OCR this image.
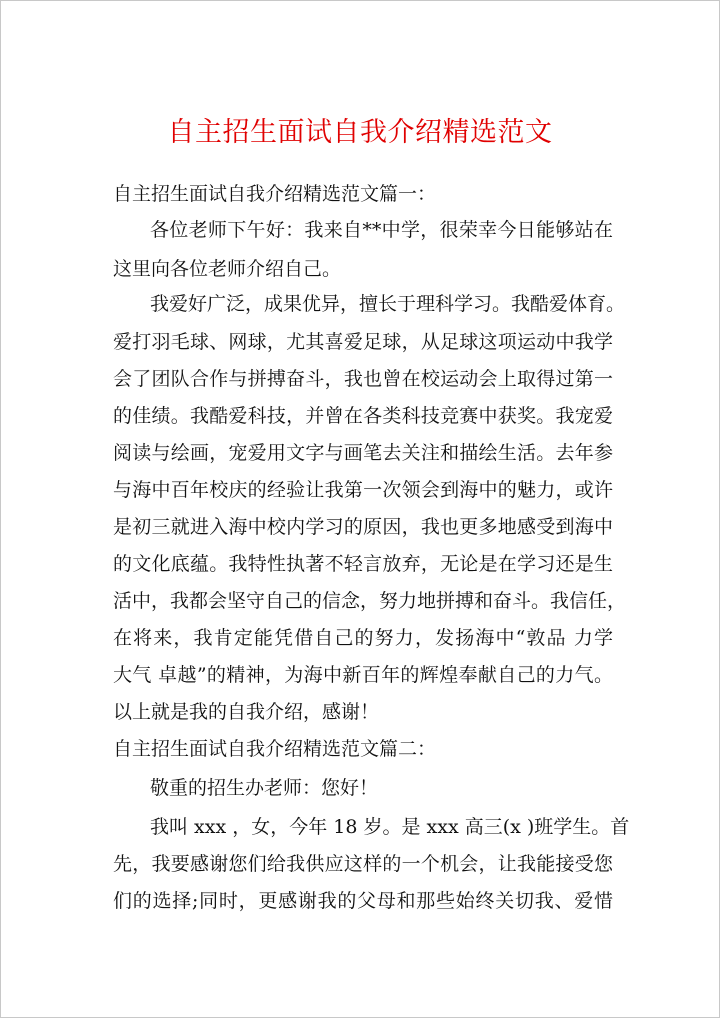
自主招生面试自我介绍精选范文

自主招生面试自我介绍精选范文篇一：

各位老师下午好：我来自**中学，很荣幸今日能够站在

这里向各位老师介绍自己。

我爱好广泛，成果优异，擅长于理科学习。我酷爱体育。

爱打羽毛球、网球，尤其喜爱足球，从足球这项运动中我学

会了团队合作与拼搏奋斗，我也曾在校运动会上取得过第一

的佳绩。我酷爱科技，并曾在各类科技竞赛中获奖。我宠爱

阅读与绘画，宠爱用文字与画笔去关注和描绘生活。去年参

与海中百年校庆的经验让我第一次领会到海中的魅力，或许

是初三就进入海中校内学习的原因，我也更多地感受到海中

的文化底蕴。我特性执著不轻言放弃，无论是在学习还是生

活中，我都会坚守自己的信念，努力地拼搏和奋斗。我信任，

在将来，我肯定能凭借自己的努力，发扬海中“敦品 力学

大气 卓越”的精神，为海中新百年的辉煌奉献自己的力气。

以上就是我的自我介绍，感谢！

自主招生面试自我介绍精选范文篇二：

敬重的招生办老师：您好！

我叫 xxx ，女，今年 18 岁。是 xxx 高三(x )班学生。首

先，我要感谢您们给我供应这样的一个机会，让我能接受您

们的选择;同时，更感谢我的父母和那些始终关切我、爱惜
